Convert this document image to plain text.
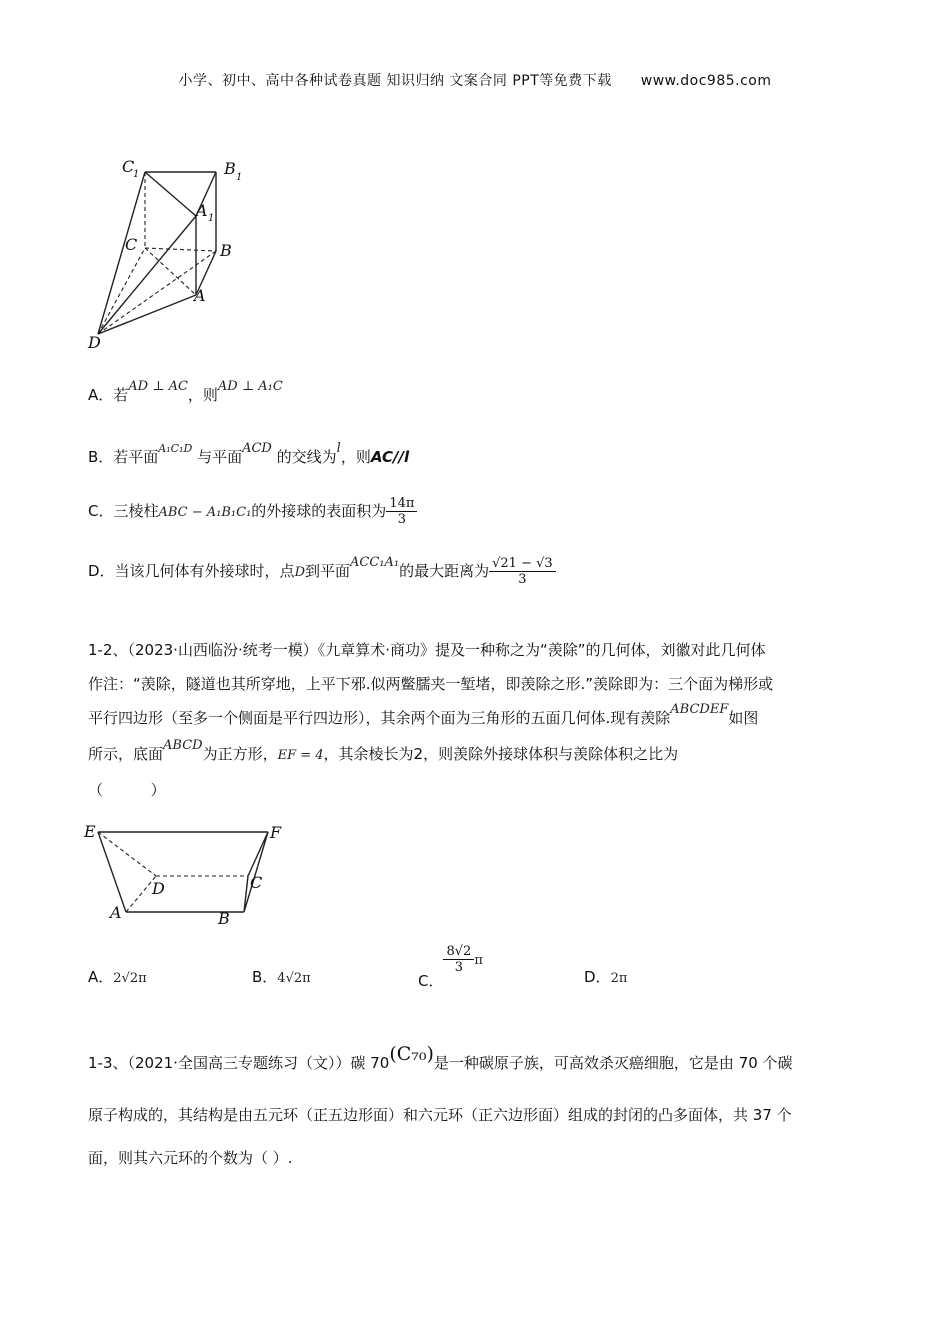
小学、初中、高中各种试卷真题 知识归纳 文案合同 PPT等免费下载 www.doc985.com
C
1	B 1
A 1
C	B
A
D
A．若AD ⊥ AC，则AD ⊥ A₁C
B．若平面$^{A_1C_1D}$ 与平面ACD 的交线为l，则AC//l
C．三棱柱ABC − A₁B₁C₁的外接球的表面积为 $\frac{14\pi}{3}$
D．当该几何体有外接球时，点D到平面ACC₁A₁的最大距离为 $\frac{√21 - √3}{3}$
1-2、（2023·山西临汾·统考一模）《九章算术·商功》提及一种称之为“羡除”的几何体，刘徽对此几何体
作注：“羡除，隧道也其所穿地，上平下邪.似两鳖臑夹一堑堵，即羡除之形.”羡除即为：三个面为梯形或
平行四边形（至多一个侧面是平行四边形），其余两个面为三角形的五面几何体.现有羡除ABCDEF如图
所示，底面ABCD为正方形，EF = 4，其余棱长为2，则羡除外接球体积与羡除体积之比为
（          ）
E	F
D	C
A	B
A．2√2π	B．4√2π	C．
$\frac{8√2}{3}$ π
D．2π
1-3、（2021·全国高三专题练习（文））碳 70(C₇₀)是一种碳原子族，可高效杀灭癌细胞，它是由 70 个碳
原子构成的，其结构是由五元环（正五边形面）和六元环（正六边形面）组成的封闭的凸多面体，共 37 个
面，则其六元环的个数为（ ）.
